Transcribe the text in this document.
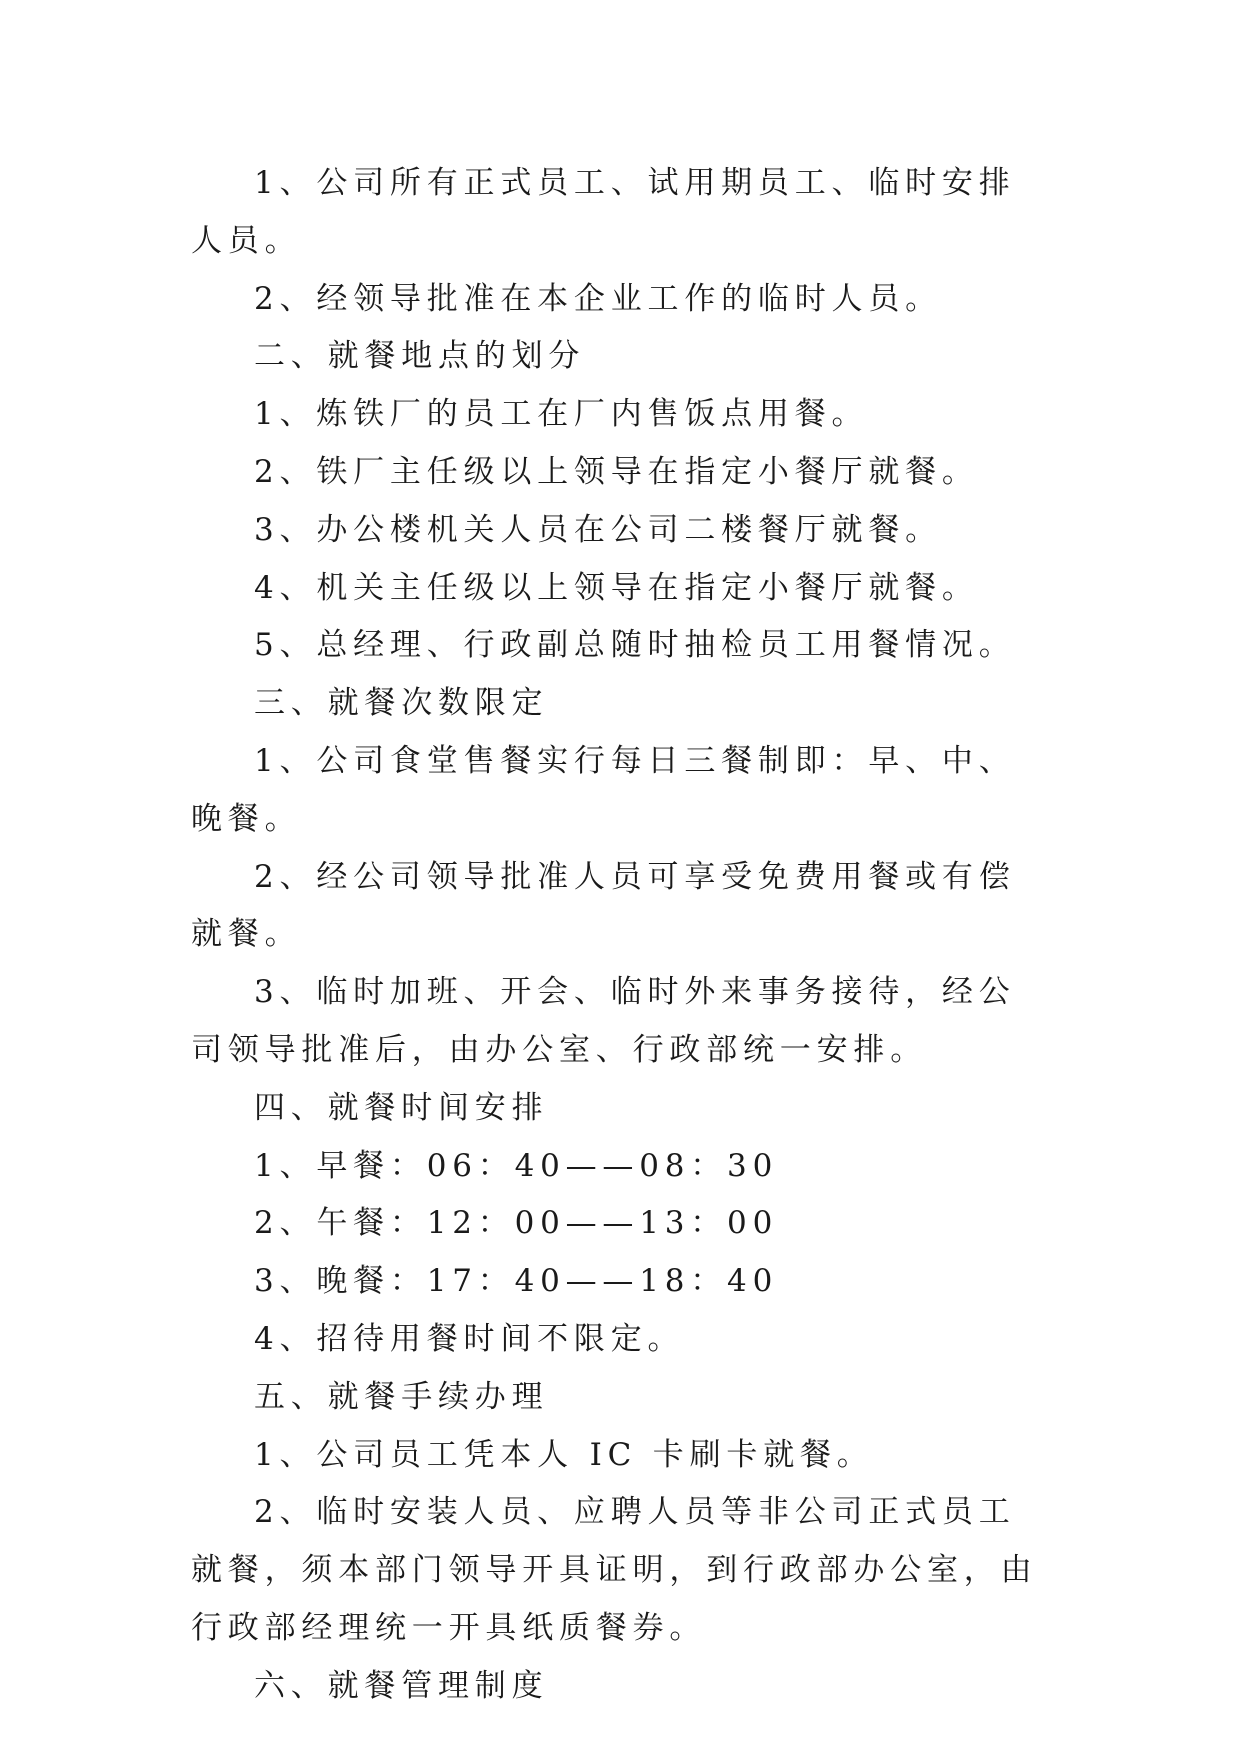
1、公司所有正式员工、试用期员工、临时安排人员。

2、经领导批准在本企业工作的临时人员。

二、就餐地点的划分

1、炼铁厂的员工在厂内售饭点用餐。

2、铁厂主任级以上领导在指定小餐厅就餐。

3、办公楼机关人员在公司二楼餐厅就餐。

4、机关主任级以上领导在指定小餐厅就餐。

5、总经理、行政副总随时抽检员工用餐情况。

三、就餐次数限定

1、公司食堂售餐实行每日三餐制即：早、中、晚餐。

2、经公司领导批准人员可享受免费用餐或有偿就餐。

3、临时加班、开会、临时外来事务接待，经公司领导批准后，由办公室、行政部统一安排。

四、就餐时间安排

1、早餐：06：40——08：30

2、午餐：12：00——13：00

3、晚餐：17：40——18：40

4、招待用餐时间不限定。

五、就餐手续办理

1、公司员工凭本人 IC 卡刷卡就餐。

2、临时安装人员、应聘人员等非公司正式员工就餐，须本部门领导开具证明，到行政部办公室，由行政部经理统一开具纸质餐券。

六、就餐管理制度
